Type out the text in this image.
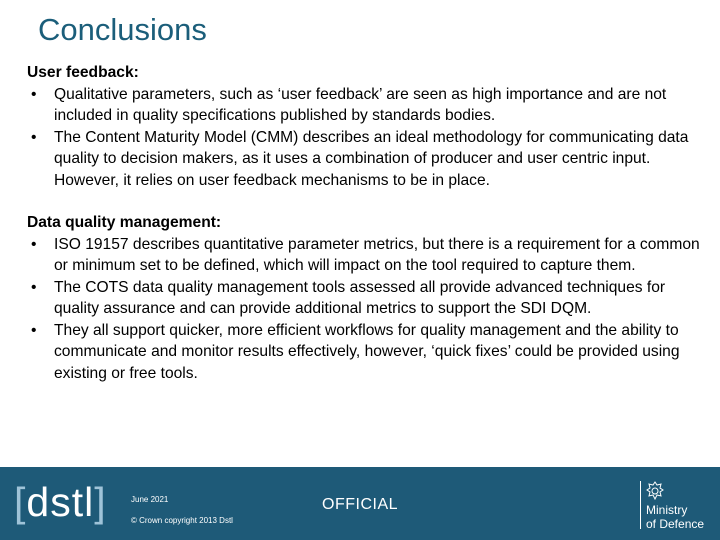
Conclusions
User feedback:
• Qualitative parameters, such as ‘user feedback’ are seen as high importance and are not included in quality specifications published by standards bodies.
• The Content Maturity Model (CMM) describes an ideal methodology for communicating data quality to decision makers, as it uses a combination of producer and user centric input. However, it relies on user feedback mechanisms to be in place.
Data quality management:
• ISO 19157 describes quantitative parameter metrics, but there is a requirement for a common or minimum set to be defined, which will impact on the tool required to capture them.
• The COTS data quality management tools assessed all provide advanced techniques for quality assurance and can provide additional metrics to support the SDI DQM.
• They all support quicker, more efficient workflows for quality management and the ability to communicate and monitor results effectively, however, ‘quick fixes’ could be provided using existing or free tools.
[dstl]	June 2021
© Crown copyright 2013 Dstl
OFFICIAL	Ministry
of Defence
